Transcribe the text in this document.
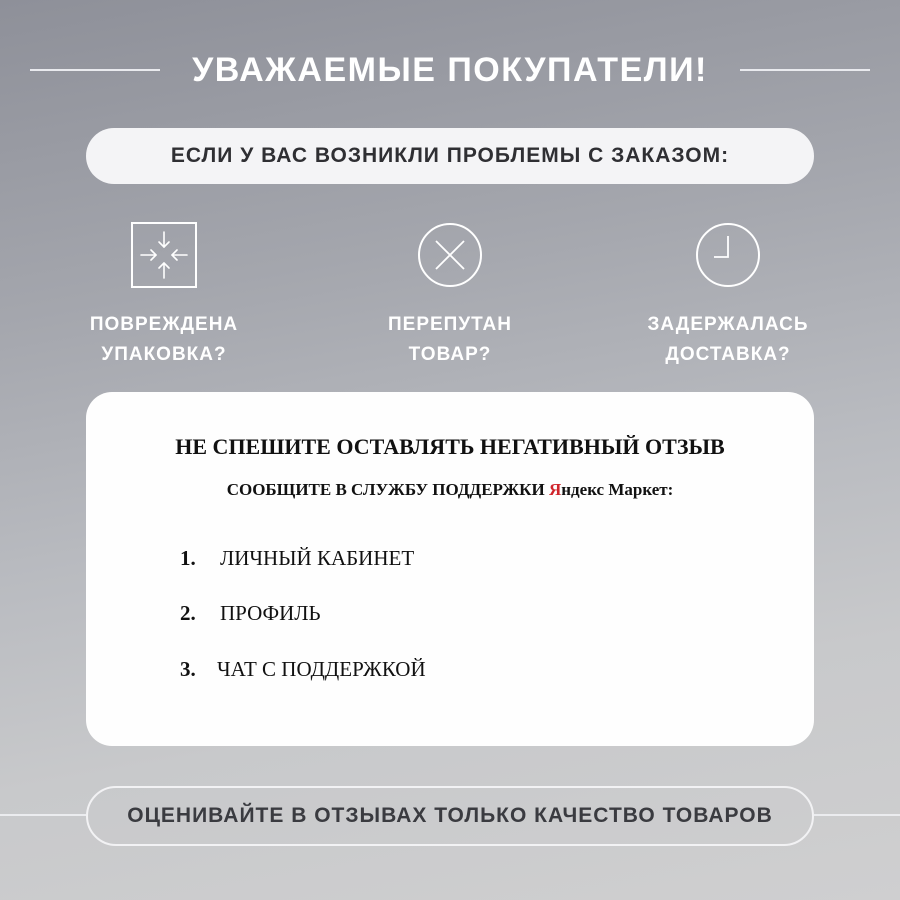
УВАЖАЕМЫЕ ПОКУПАТЕЛИ!
ЕСЛИ У ВАС ВОЗНИКЛИ ПРОБЛЕМЫ С ЗАКАЗОМ:
ПОВРЕЖДЕНА
УПАКОВКА?
ПЕРЕПУТАН
ТОВАР?
ЗАДЕРЖАЛАСЬ
ДОСТАВКА?
НЕ СПЕШИТЕ ОСТАВЛЯТЬ НЕГАТИВНЫЙ ОТЗЫВ
СООБЩИТЕ В СЛУЖБУ ПОДДЕРЖКИ Яндекс Маркет:
1. ЛИЧНЫЙ КАБИНЕТ
2. ПРОФИЛЬ
3. ЧАТ С ПОДДЕРЖКОЙ
ОЦЕНИВАЙТЕ В ОТЗЫВАХ ТОЛЬКО КАЧЕСТВО ТОВАРОВ
